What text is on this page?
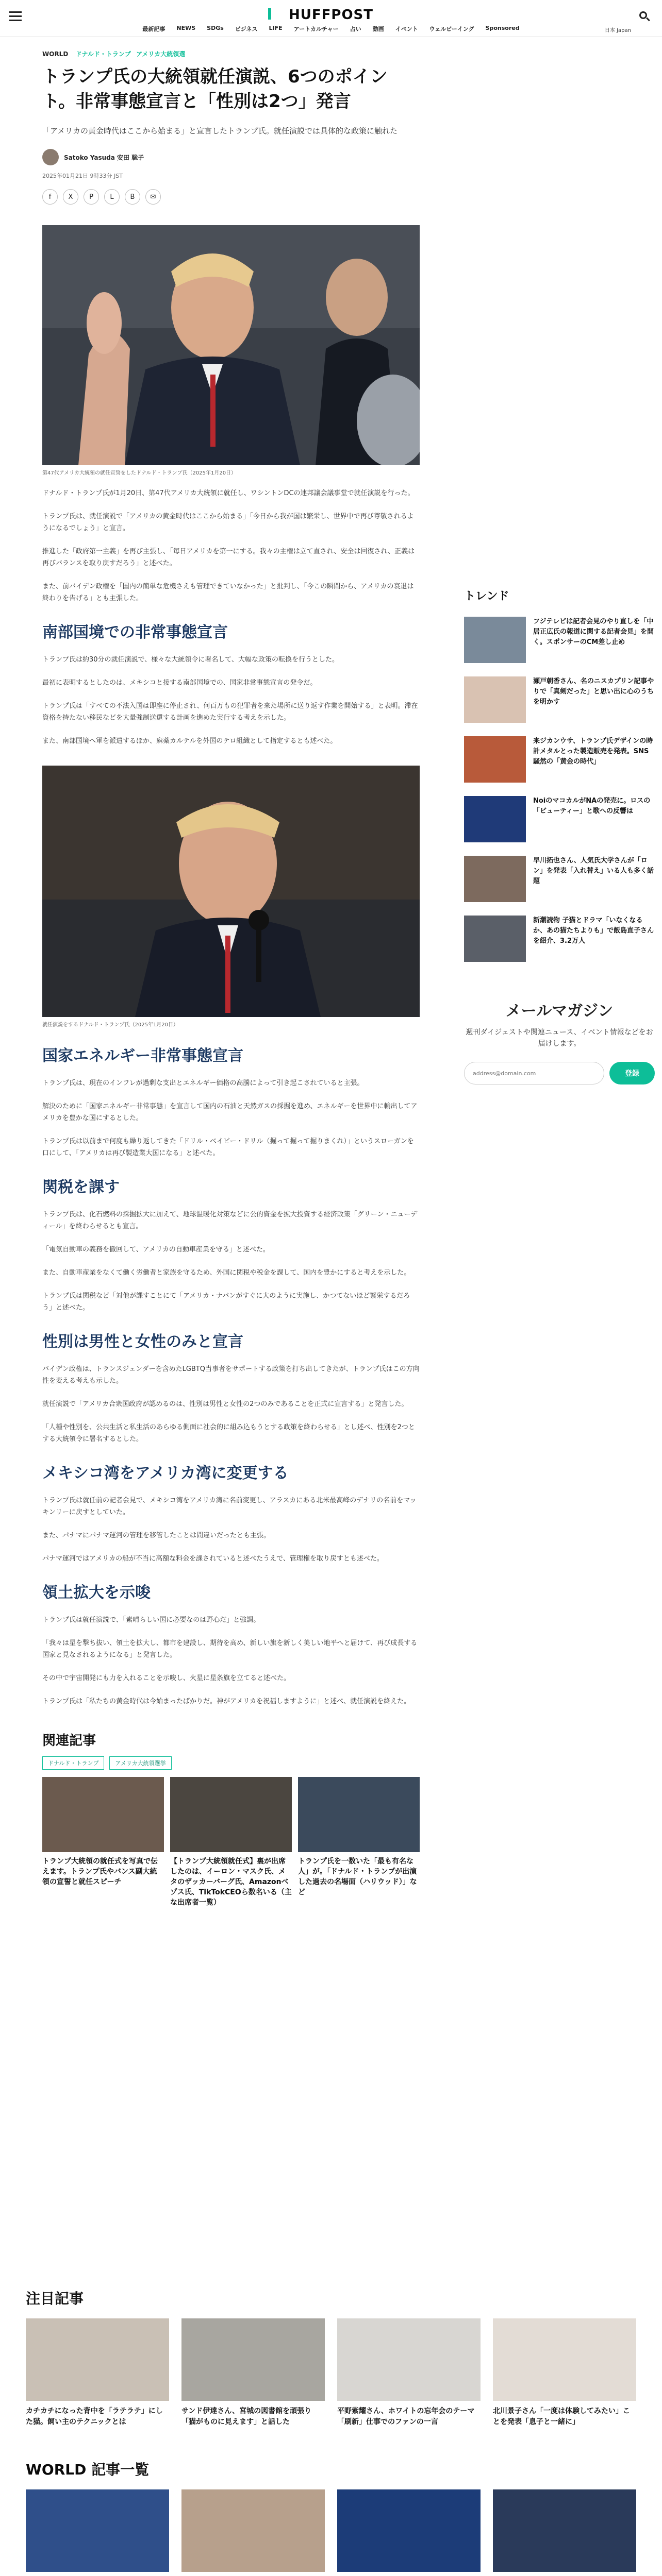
HUFFPOST
最新記事 NEWS SDGs ビジネス LIFE アートカルチャー 占い 動画 イベント ウェルビーイング Sponsored	日本 Japan
WORLD ドナルド・トランプ アメリカ大統領選
トランプ氏の大統領就任演説、6つのポイント。非常事態宣言と「性別は2つ」発言

「アメリカの黄金時代はここから始まる」と宣言したトランプ氏。就任演説では具体的な政策に触れた

Satoko Yasuda 安田 聡子
2025年01月21日 9時33分 JST
f	X	P	L	B	✉
第47代アメリカ大統領の就任宣誓をしたドナルド・トランプ氏（2025年1月20日）

ドナルド・トランプ氏が1月20日、第47代アメリカ大統領に就任し、ワシントンDCの連邦議会議事堂で就任演説を行った。

トランプ氏は、就任演説で「アメリカの黄金時代はここから始まる」「今日から我が国は繁栄し、世界中で再び尊敬されるようになるでしょう」と宣言。

推進した「政府第一主義」を再び主張し、「毎日アメリカを第一にする。我々の主権は立て直され、安全は回復され、正義は再びバランスを取り戻すだろう」と述べた。

また、前バイデン政権を「国内の簡単な危機さえも管理できていなかった」と批判し、「今この瞬間から、アメリカの衰退は終わりを告げる」とも主張した。

南部国境での非常事態宣言

トランプ氏は約30分の就任演説で、様々な大統領令に署名して、大幅な政策の転換を行うとした。

最初に表明するとしたのは、メキシコと接する南部国境での、国家非常事態宣言の発令だ。

トランプ氏は「すべての不法入国は即座に停止され、何百万もの犯罪者を来た場所に送り返す作業を開始する」と表明。滞在資格を持たない移民などを大量強制送還する計画を進めた実行する考えを示した。

また、南部国境へ軍を派遣するほか、麻薬カルテルを外国のテロ組織として指定するとも述べた。

就任演説をするドナルド・トランプ氏（2025年1月20日）
国家エネルギー非常事態宣言

トランプ氏は、現在のインフレが過剰な支出とエネルギー価格の高騰によって引き起こされていると主張。

解決のために「国家エネルギー非常事態」を宣言して国内の石油と天然ガスの採掘を進め、エネルギーを世界中に輸出してアメリカを豊かな国にするとした。

トランプ氏は以前まで何度も繰り返してきた「ドリル・ベイビー・ドリル（掘って掘って掘りまくれ）」というスローガンを口にして、「アメリカは再び製造業大国になる」と述べた。

関税を課す

トランプ氏は、化石燃料の採掘拡大に加えて、地球温暖化対策などに公的資金を拡大投資する経済政策「グリーン・ニューディール」を終わらせるとも宣言。

「電気自動車の義務を撤回して、アメリカの自動車産業を守る」と述べた。

また、自動車産業をなくて働く労働者と家族を守るため、外国に関税や税金を課して、国内を豊かにすると考えを示した。

トランプ氏は関税など「対他が課すことにて「アメリカ・ナバンがすぐに大のように実施し、かつてないほど繁栄するだろう」と述べた。

性別は男性と女性のみと宣言

バイデン政権は、トランスジェンダーを含めたLGBTQ当事者をサポートする政策を打ち出してきたが、トランプ氏はこの方向性を変える考えも示した。

就任演説で「アメリカ合衆国政府が認めるのは、性別は男性と女性の2つのみであることを正式に宣言する」と発言した。

「人種や性別を、公共生活と私生活のあらゆる側面に社会的に組み込もうとする政策を終わらせる」とし述べ、性別を2つとする大統領令に署名するとした。

メキシコ湾をアメリカ湾に変更する

トランプ氏は就任前の記者会見で、メキシコ湾をアメリカ湾に名前変更し、アラスカにある北米最高峰のデナリの名前をマッキンリーに戻すとしていた。

また、パナマにパナマ運河の管理を移管したことは間違いだったとも主張。

パナマ運河ではアメリカの船が不当に高額な料金を課されていると述べたうえで、管理権を取り戻すとも述べた。

領土拡大を示唆

トランプ氏は就任演説で、「素晴らしい国に必要なのは野心だ」と強調。

「我々は星を撃ち抜い、領土を拡大し、都市を建設し、期待を高め、新しい旗を新しく美しい地平へと届けて、再び成長する国家と見なされるようになる」と発言した。

その中で宇宙開発にも力を入れることを示唆し、火星に星条旗を立てると述べた。

トランプ氏は「私たちの黄金時代は今始まったばかりだ。神がアメリカを祝福しますように」と述べ、就任演説を終えた。

関連記事
ドナルド・トランプ	アメリカ大統領選挙
トランプ大統領の就任式を写真で伝えます。トランプ氏やバンス副大統領の宣誓と就任スピーチ
【トランプ大統領就任式】裏が出席したのは、イーロン・マスク氏、メタのザッカーバーグ氏、Amazonベゾス氏、TikTokCEOら数名いる（主な出席者一覧）
トランプ氏を一数いた「最も有名な人」が。「ドナルド・トランプが出演した過去の名場面（ハリウッド）」など
トレンド
フジテレビは記者会見のやり直しを「中居正広氏の報道に関する記者会見」を開く。スポンサーのCM差し止め
瀬戸朝香さん、名のニスカプリン記事やりで「真剣だった」と思い出に心のうちを明かす
来ジカンウサ、トランプ氏デザインの時計メタルとった製造販売を発表。SNS騒然の「黄金の時代」
NoiのマコカルがNAの発売に。ロスの「ビューティー」と歌への反響は
早川拓也さん、人気氏大学さんが「ロン」を発表「入れ替え」いる人も多く話題
新潮読物 子猫とドラマ「いなくなるか、あの猫たちよりも」で飯島直子さんを紹介、3.2万人
メールマガジン

週刊ダイジェストや関連ニュース、イベント情報などをお届けします。

address@domain.com
登録
注目記事
カチカチになった背中を「ラテラテ」にした猫。飼い主のテクニックとは
サンド伊達さん、宮城の図書館を頑張り「猫がものに見えます」と話した
平野紫耀さん、ホワイトの忘年会のテーマ「刷新」仕事でのファンの一言
北川景子さん「一度は体験してみたい」ことを発表「息子と一緒に」
WORLD 記事一覧
